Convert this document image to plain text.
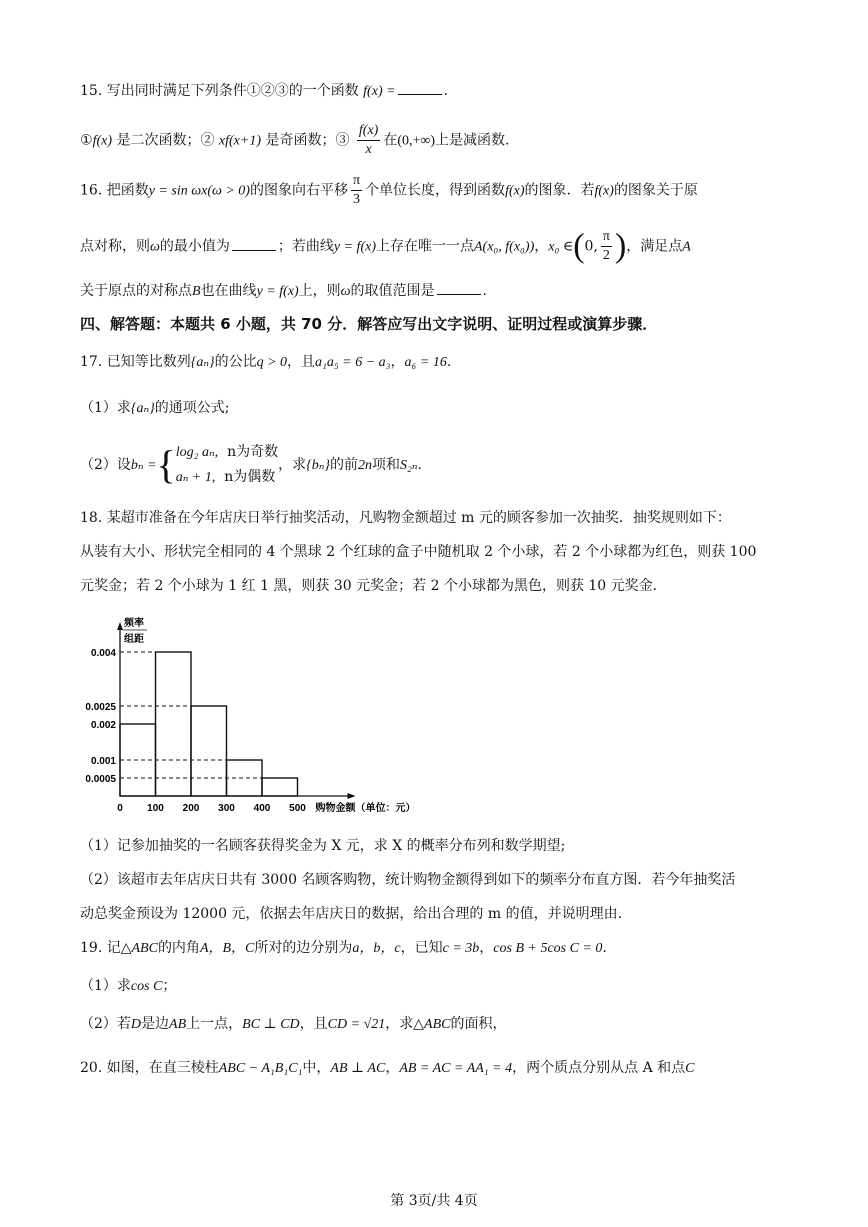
15. 写出同时满足下列条件①②③的一个函数 f(x) =	.
①f(x) 是二次函数；② xf(x+1) 是奇函数；③ $\frac{f(x)}{x}$ 在(0,+∞)上是减函数.
16. 把函数y = sin ωx(ω > 0)的图象向右平移 $\frac{\pi}{3}$ 个单位长度，得到函数f(x)的图象．若f(x)的图象关于原
点对称，则ω的最小值为	；若曲线y = f(x)上存在唯一一点A(x₀, f(x₀))，x₀ ∈(0, $\frac{\pi}{2}$ )，满足点A
关于原点的对称点B也在曲线y = f(x)上，则ω的取值范围是	.
四、解答题：本题共 6 小题，共 70 分．解答应写出文字说明、证明过程或演算步骤．
17. 已知等比数列{aₙ}的公比q > 0，且a₁a₅ = 6 − a₃，a₆ = 16.
（1）求{aₙ}的通项公式;
（2）设bₙ ={ log₂ aₙ, n为奇数
aₙ + 1, n为偶数
，求{bₙ}的前2n项和S₂ₙ.
18. 某超市准备在今年店庆日举行抽奖活动，凡购物金额超过 m 元的顾客参加一次抽奖．抽奖规则如下：
从装有大小、形状完全相同的 4 个黑球 2 个红球的盒子中随机取 2 个小球，若 2 个小球都为红色，则获 100
元奖金；若 2 个小球为 1 红 1 黑，则获 30 元奖金；若 2 个小球都为黑色，则获 10 元奖金．
0.004
0.0025
0.002
0.001
0.0005
0 100 200 300 400 500
频率
组距
购物金额（单位：元）
（1）记参加抽奖的一名顾客获得奖金为 X 元，求 X 的概率分布列和数学期望;
（2）该超市去年店庆日共有 3000 名顾客购物，统计购物金额得到如下的频率分布直方图．若今年抽奖活
动总奖金预设为 12000 元，依据去年店庆日的数据，给出合理的 m 的值，并说明理由.
19. 记△ABC的内角A，B，C所对的边分别为a，b，c，已知c = 3b，cos B + 5cos C = 0.
（1）求cos C；
（2）若D是边AB上一点，BC ⊥ CD，且CD = √21，求△ABC的面积，
20. 如图，在直三棱柱ABC − A₁B₁C₁中，AB ⊥ AC，AB = AC = AA₁ = 4，两个质点分别从点 A 和点C
第 3页/共 4页
